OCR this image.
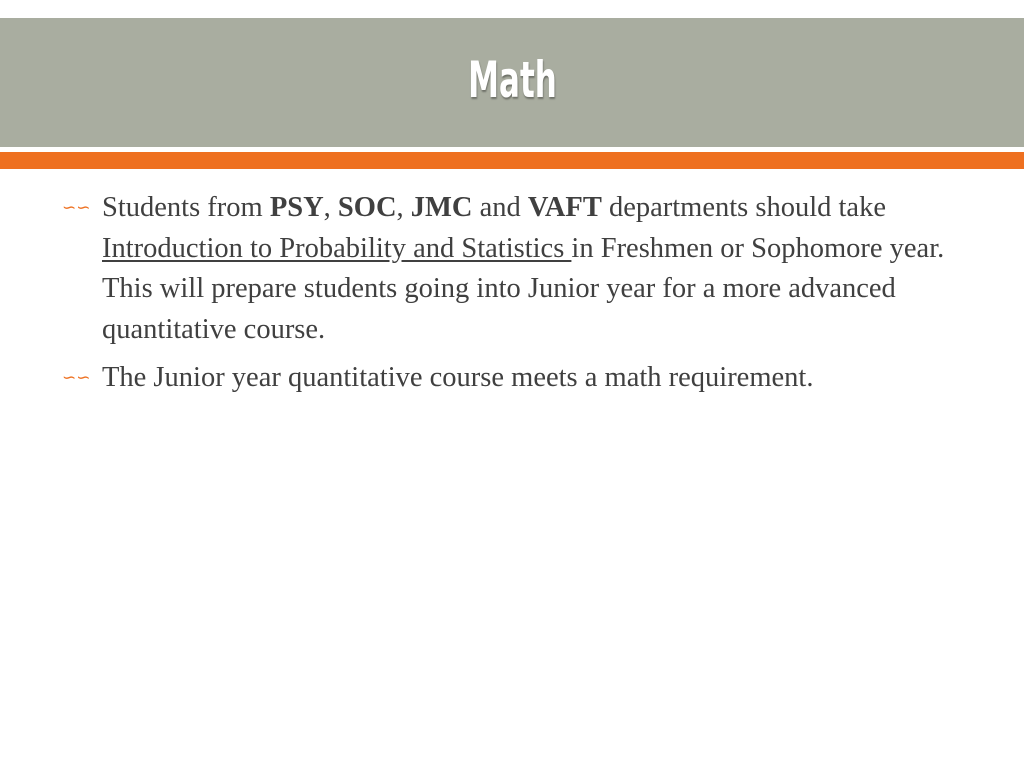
Math
∽∽ Students from PSY, SOC, JMC and VAFT departments should take Introduction to Probability and Statistics in Freshmen or Sophomore year. This will prepare students going into Junior year for a more advanced quantitative course.

∽∽ The Junior year quantitative course meets a math requirement.
